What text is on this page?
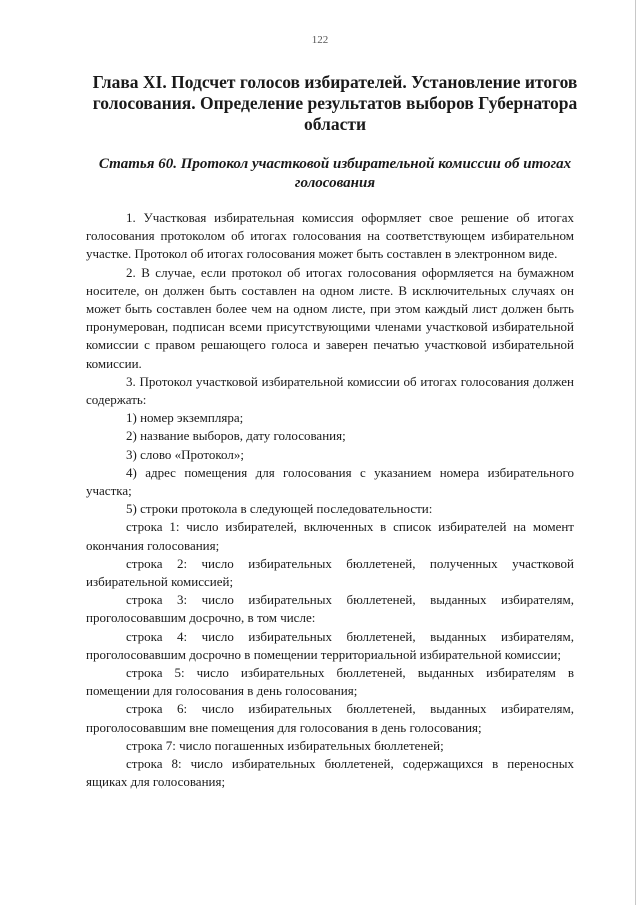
122
Глава XI. Подсчет голосов избирателей. Установление итогов голосования. Определение результатов выборов Губернатора области
Статья 60. Протокол участковой избирательной комиссии об итогах голосования

1. Участковая избирательная комиссия оформляет свое решение об итогах голосования протоколом об итогах голосования на соответствующем избирательном участке. Протокол об итогах голосования может быть составлен в электронном виде.

2. В случае, если протокол об итогах голосования оформляется на бумажном носителе, он должен быть составлен на одном листе. В исключительных случаях он может быть составлен более чем на одном листе, при этом каждый лист должен быть пронумерован, подписан всеми присутствующими членами участковой избирательной комиссии с правом решающего голоса и заверен печатью участковой избирательной комиссии.

3. Протокол участковой избирательной комиссии об итогах голосования должен содержать:

1) номер экземпляра;

2) название выборов, дату голосования;

3) слово «Протокол»;

4) адрес помещения для голосования с указанием номера избирательного участка;

5) строки протокола в следующей последовательности:

строка 1: число избирателей, включенных в список избирателей на момент окончания голосования;

строка 2: число избирательных бюллетеней, полученных участковой избирательной комиссией;

строка 3: число избирательных бюллетеней, выданных избирателям, проголосовавшим досрочно, в том числе:

строка 4: число избирательных бюллетеней, выданных избирателям, проголосовавшим досрочно в помещении территориальной избирательной комиссии;

строка 5: число избирательных бюллетеней, выданных избирателям в помещении для голосования в день голосования;

строка 6: число избирательных бюллетеней, выданных избирателям, проголосовавшим вне помещения для голосования в день голосования;

строка 7: число погашенных избирательных бюллетеней;

строка 8: число избирательных бюллетеней, содержащихся в переносных ящиках для голосования;
